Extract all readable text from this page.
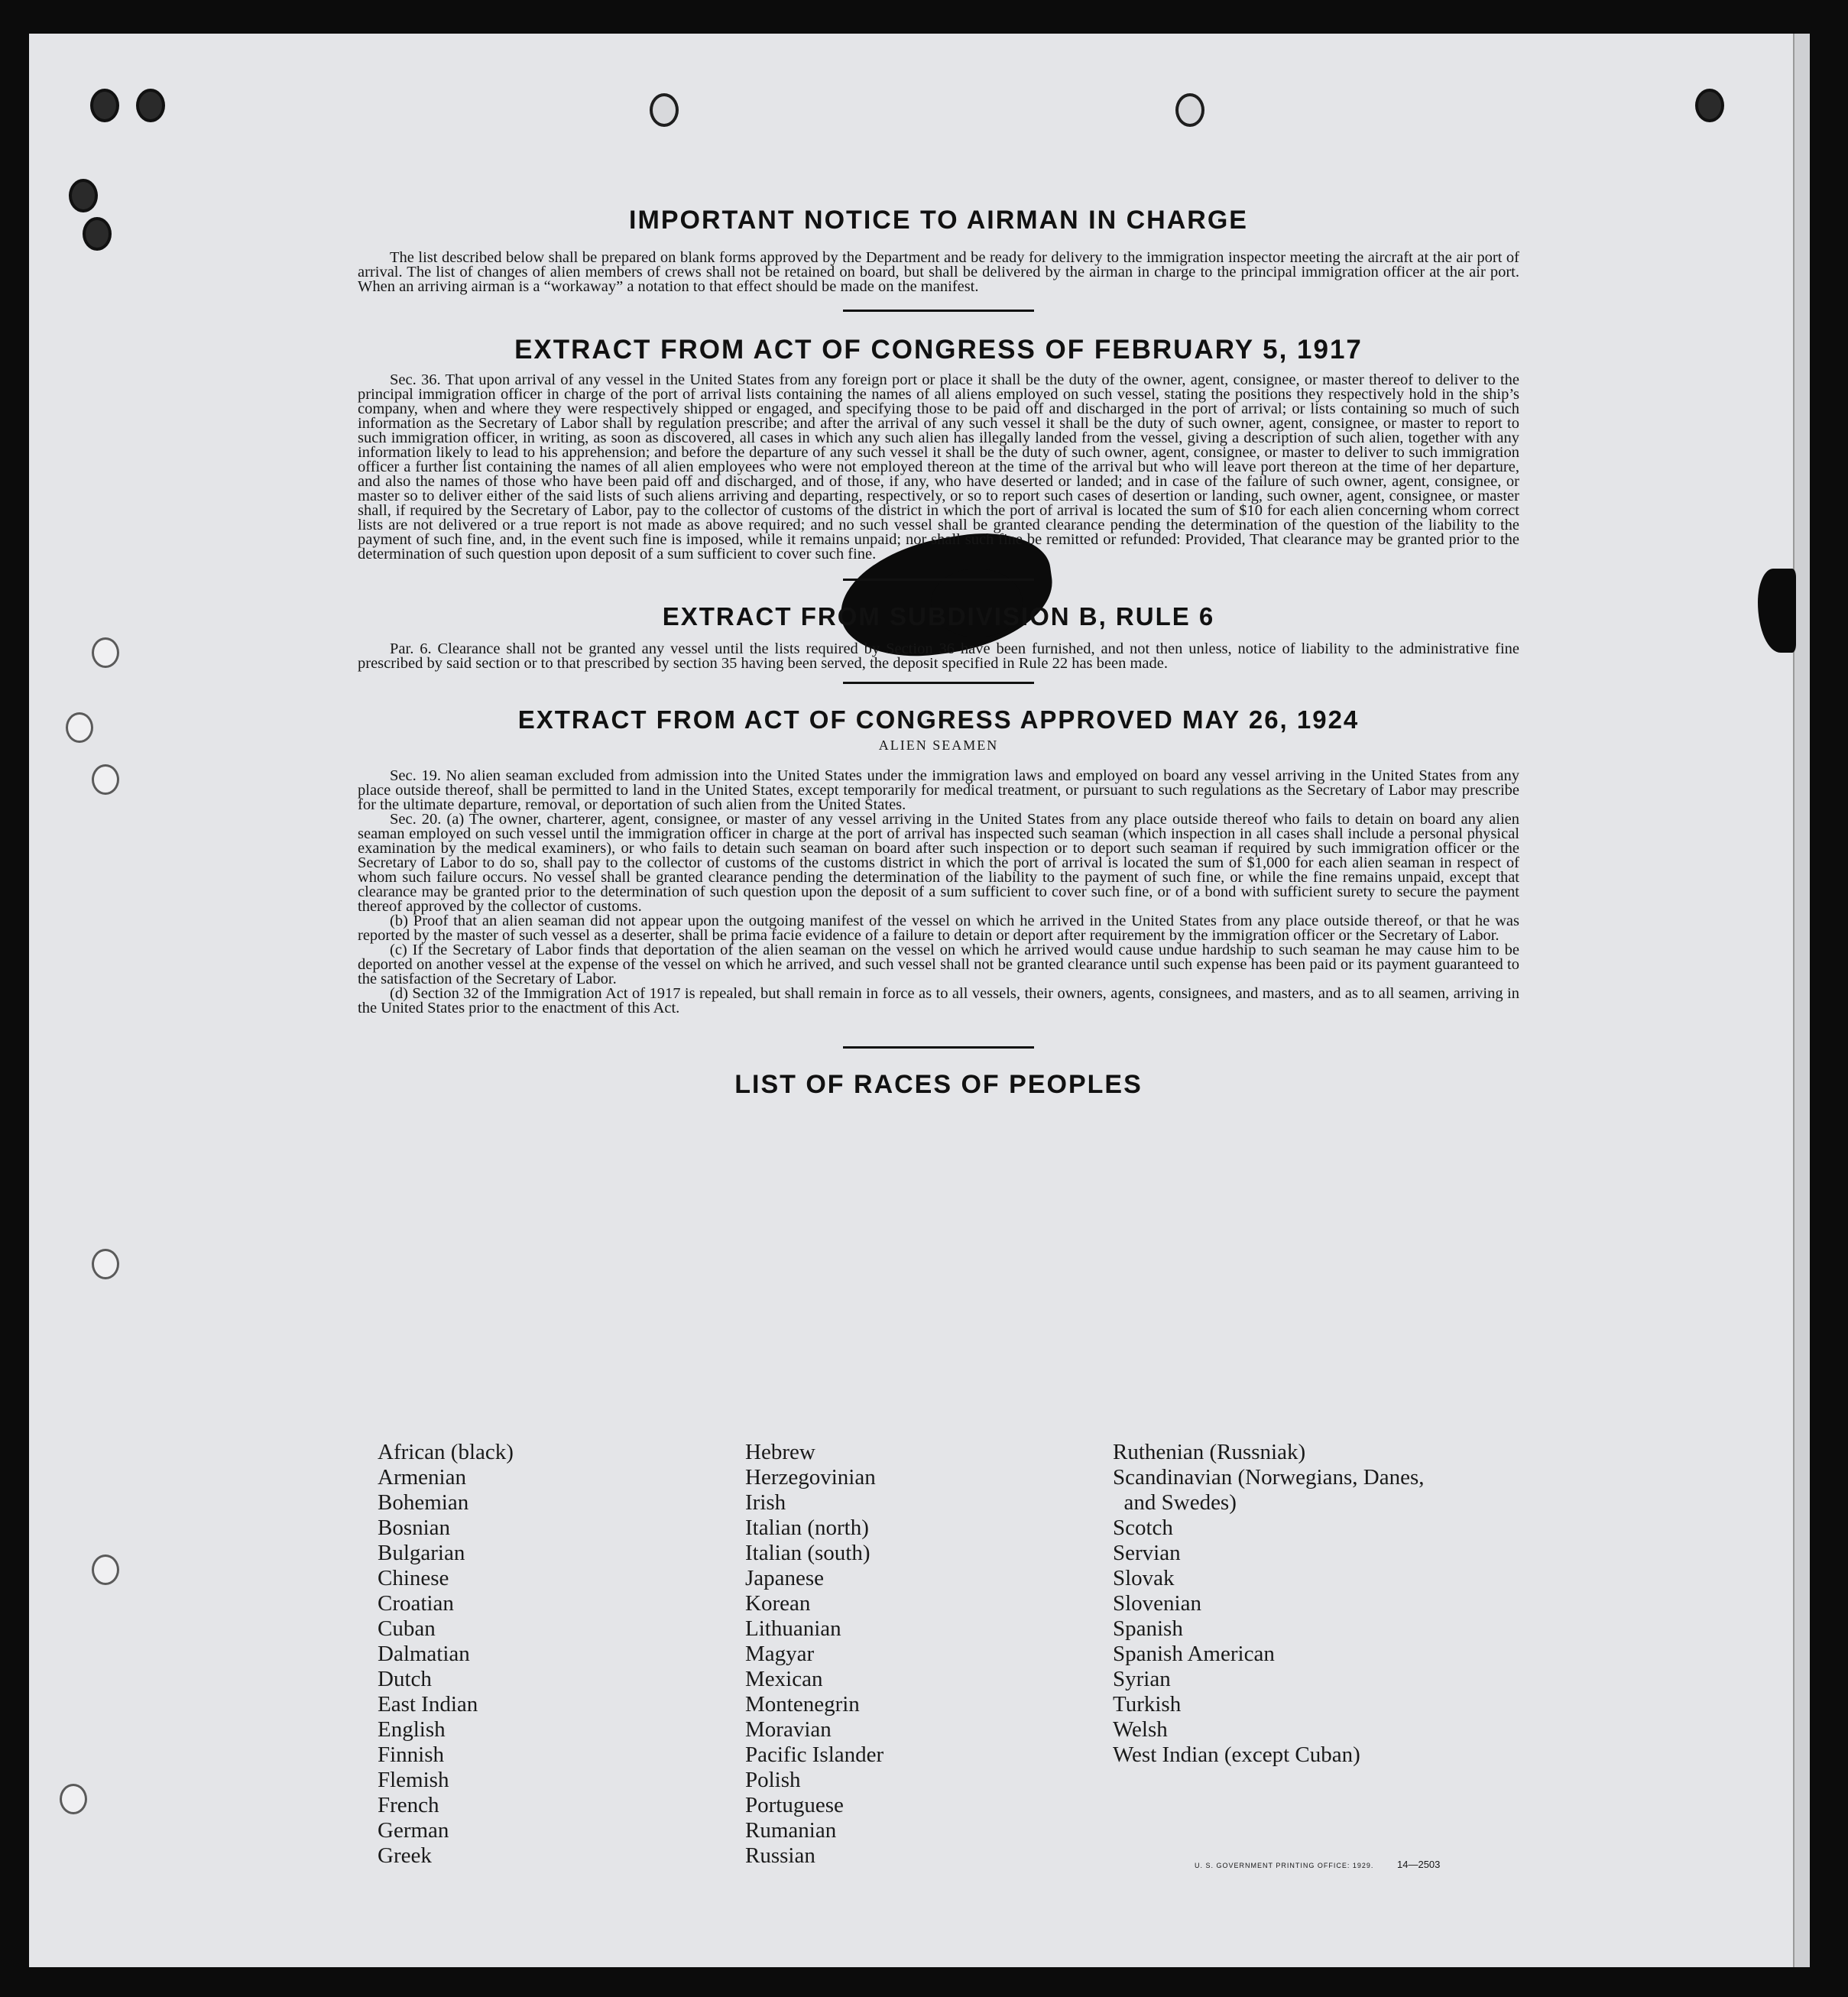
IMPORTANT NOTICE TO AIRMAN IN CHARGE

The list described below shall be prepared on blank forms approved by the Department and be ready for delivery to the immigration inspector meeting the aircraft at the air port of arrival. The list of changes of alien members of crews shall not be retained on board, but shall be delivered by the airman in charge to the principal immigration officer at the air port. When an arriving airman is a “workaway” a notation to that effect should be made on the manifest.

EXTRACT FROM ACT OF CONGRESS OF FEBRUARY 5, 1917

Sec. 36. That upon arrival of any vessel in the United States from any foreign port or place it shall be the duty of the owner, agent, consignee, or master thereof to deliver to the principal immigration officer in charge of the port of arrival lists containing the names of all aliens employed on such vessel, stating the positions they respectively hold in the ship’s company, when and where they were respectively shipped or engaged, and specifying those to be paid off and discharged in the port of arrival; or lists containing so much of such information as the Secretary of Labor shall by regulation prescribe; and after the arrival of any such vessel it shall be the duty of such owner, agent, consignee, or master to report to such immigration officer, in writing, as soon as discovered, all cases in which any such alien has illegally landed from the vessel, giving a description of such alien, together with any information likely to lead to his apprehension; and before the departure of any such vessel it shall be the duty of such owner, agent, consignee, or master to deliver to such immigration officer a further list containing the names of all alien employees who were not employed thereon at the time of the arrival but who will leave port thereon at the time of her departure, and also the names of those who have been paid off and discharged, and of those, if any, who have deserted or landed; and in case of the failure of such owner, agent, consignee, or master so to deliver either of the said lists of such aliens arriving and departing, respectively, or so to report such cases of desertion or landing, such owner, agent, consignee, or master shall, if required by the Secretary of Labor, pay to the collector of customs of the district in which the port of arrival is located the sum of $10 for each alien concerning whom correct lists are not delivered or a true report is not made as above required; and no such vessel shall be granted clearance pending the determination of the question of the liability to the payment of such fine, and, in the event such fine is imposed, while it remains unpaid; nor shall such fine be remitted or refunded: Provided, That clearance may be granted prior to the determination of such question upon deposit of a sum sufficient to cover such fine.

EXTRACT FROM SUBDIVISION B, RULE 6

Par. 6. Clearance shall not be granted any vessel until the lists required by Section 36 have been furnished, and not then unless, notice of liability to the administrative fine prescribed by said section or to that prescribed by section 35 having been served, the deposit specified in Rule 22 has been made.

EXTRACT FROM ACT OF CONGRESS APPROVED MAY 26, 1924
ALIEN SEAMEN

Sec. 19. No alien seaman excluded from admission into the United States under the immigration laws and employed on board any vessel arriving in the United States from any place outside thereof, shall be permitted to land in the United States, except temporarily for medical treatment, or pursuant to such regulations as the Secretary of Labor may prescribe for the ultimate departure, removal, or deportation of such alien from the United States.

Sec. 20. (a) The owner, charterer, agent, consignee, or master of any vessel arriving in the United States from any place outside thereof who fails to detain on board any alien seaman employed on such vessel until the immigration officer in charge at the port of arrival has inspected such seaman (which inspection in all cases shall include a personal physical examination by the medical examiners), or who fails to detain such seaman on board after such inspection or to deport such seaman if required by such immigration officer or the Secretary of Labor to do so, shall pay to the collector of customs of the customs district in which the port of arrival is located the sum of $1,000 for each alien seaman in respect of whom such failure occurs. No vessel shall be granted clearance pending the determination of the liability to the payment of such fine, or while the fine remains unpaid, except that clearance may be granted prior to the determination of such question upon the deposit of a sum sufficient to cover such fine, or of a bond with sufficient surety to secure the payment thereof approved by the collector of customs.

(b) Proof that an alien seaman did not appear upon the outgoing manifest of the vessel on which he arrived in the United States from any place outside thereof, or that he was reported by the master of such vessel as a deserter, shall be prima facie evidence of a failure to detain or deport after requirement by the immigration officer or the Secretary of Labor.

(c) If the Secretary of Labor finds that deportation of the alien seaman on the vessel on which he arrived would cause undue hardship to such seaman he may cause him to be deported on another vessel at the expense of the vessel on which he arrived, and such vessel shall not be granted clearance until such expense has been paid or its payment guaranteed to the satisfaction of the Secretary of Labor.

(d) Section 32 of the Immigration Act of 1917 is repealed, but shall remain in force as to all vessels, their owners, agents, consignees, and masters, and as to all seamen, arriving in the United States prior to the enactment of this Act.

LIST OF RACES OF PEOPLES
African (black)
Armenian
Bohemian
Bosnian
Bulgarian
Chinese
Croatian
Cuban
Dalmatian
Dutch
East Indian
English
Finnish
Flemish
French
German
Greek
Hebrew
Herzegovinian
Irish
Italian (north)
Italian (south)
Japanese
Korean
Lithuanian
Magyar
Mexican
Montenegrin
Moravian
Pacific Islander
Polish
Portuguese
Rumanian
Russian
Ruthenian (Russniak)
Scandinavian (Norwegians, Danes,
and Swedes)
Scotch
Servian
Slovak
Slovenian
Spanish
Spanish American
Syrian
Turkish
Welsh
West Indian (except Cuban)
U. S. GOVERNMENT PRINTING OFFICE: 1929. 14—2503
